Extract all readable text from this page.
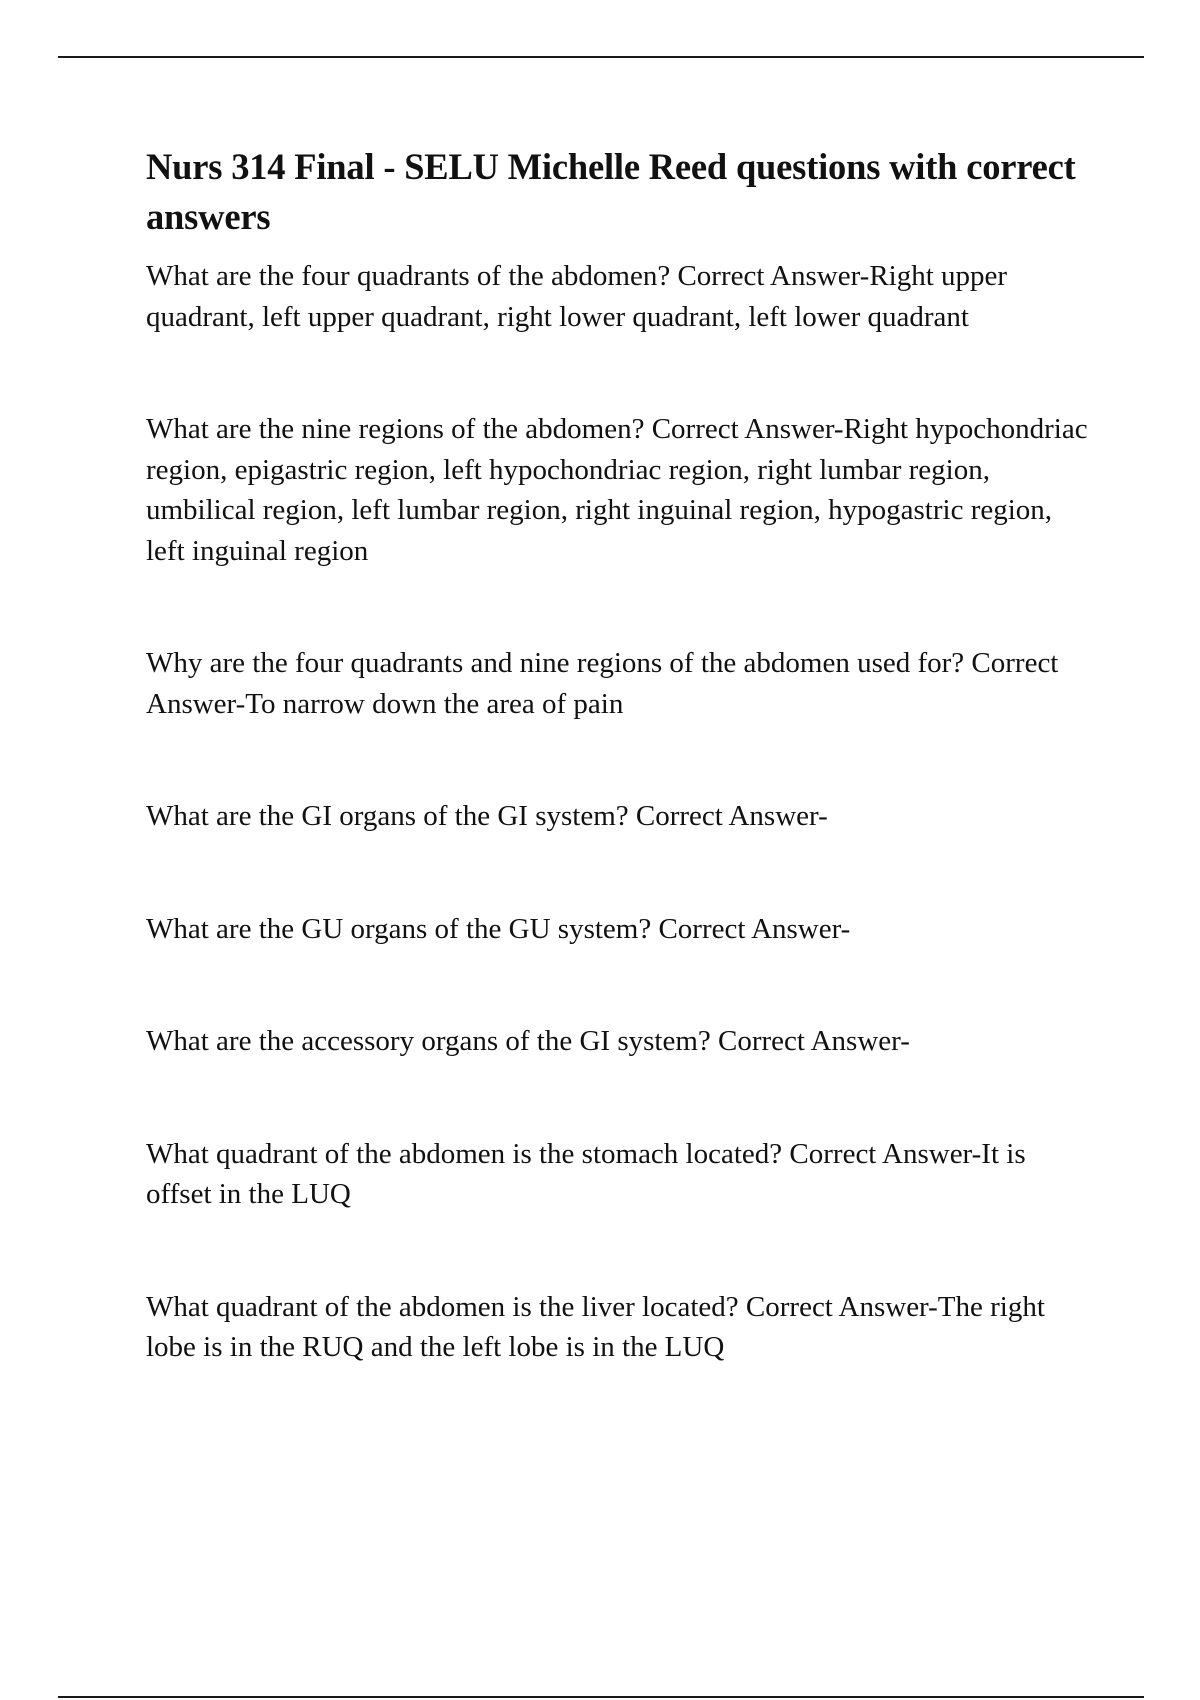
Nurs 314 Final - SELU Michelle Reed questions with correct answers

What are the four quadrants of the abdomen? Correct Answer-Right upper quadrant, left upper quadrant, right lower quadrant, left lower quadrant

What are the nine regions of the abdomen? Correct Answer-Right hypochondriac region, epigastric region, left hypochondriac region, right lumbar region, umbilical region, left lumbar region, right inguinal region, hypogastric region, left inguinal region

Why are the four quadrants and nine regions of the abdomen used for? Correct Answer-To narrow down the area of pain

What are the GI organs of the GI system? Correct Answer-

What are the GU organs of the GU system? Correct Answer-

What are the accessory organs of the GI system? Correct Answer-

What quadrant of the abdomen is the stomach located? Correct Answer-It is offset in the LUQ

What quadrant of the abdomen is the liver located? Correct Answer-The right lobe is in the RUQ and the left lobe is in the LUQ
